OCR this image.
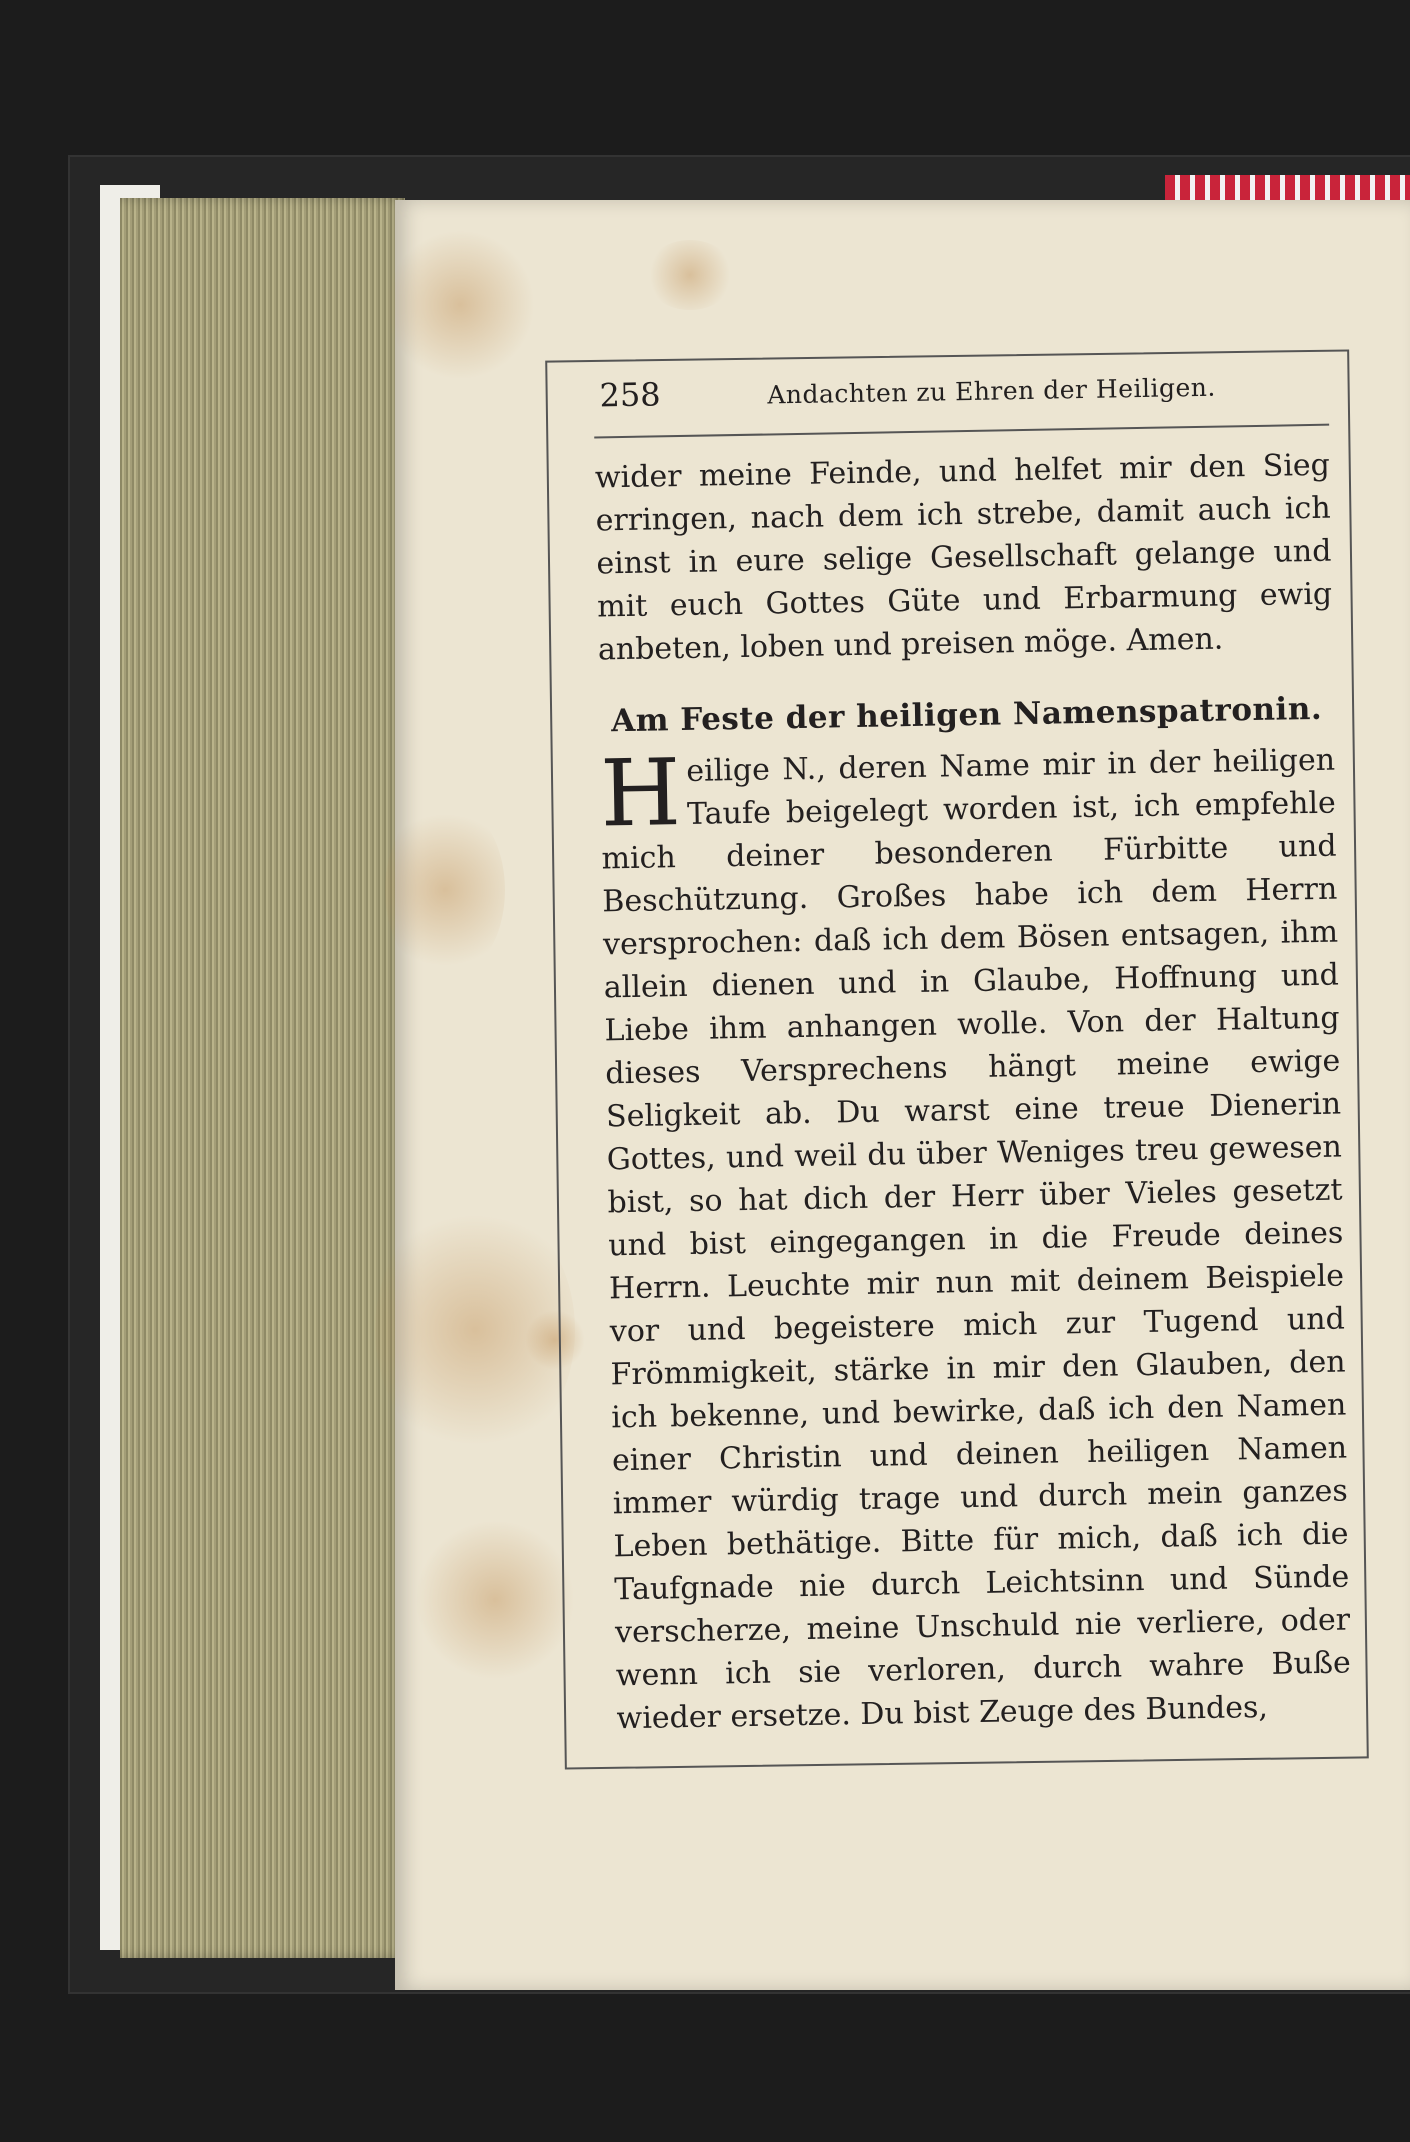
258	Andachten zu Ehren der Heiligen.

wider meine Feinde, und helfet mir den Sieg erringen, nach dem ich strebe, damit auch ich einst in eure selige Gesellschaft gelange und mit euch Gottes Güte und Erbarmung ewig anbeten, loben und preisen möge. Amen.

Am Feste der heiligen Namenspatronin.

Heilige N., deren Name mir in der heiligen Taufe beigelegt worden ist, ich empfehle mich deiner besonderen Fürbitte und Beschützung. Großes habe ich dem Herrn versprochen: daß ich dem Bösen entsagen, ihm allein dienen und in Glaube, Hoffnung und Liebe ihm anhangen wolle. Von der Haltung dieses Versprechens hängt meine ewige Seligkeit ab. Du warst eine treue Dienerin Gottes, und weil du über Weniges treu gewesen bist, so hat dich der Herr über Vieles gesetzt und bist eingegangen in die Freude deines Herrn. Leuchte mir nun mit deinem Beispiele vor und begeistere mich zur Tugend und Frömmigkeit, stärke in mir den Glauben, den ich bekenne, und bewirke, daß ich den Namen einer Christin und deinen heiligen Namen immer würdig trage und durch mein ganzes Leben bethätige. Bitte für mich, daß ich die Taufgnade nie durch Leichtsinn und Sünde verscherze, meine Unschuld nie verliere, oder wenn ich sie verloren, durch wahre Buße wieder ersetze. Du bist Zeuge des Bundes,
